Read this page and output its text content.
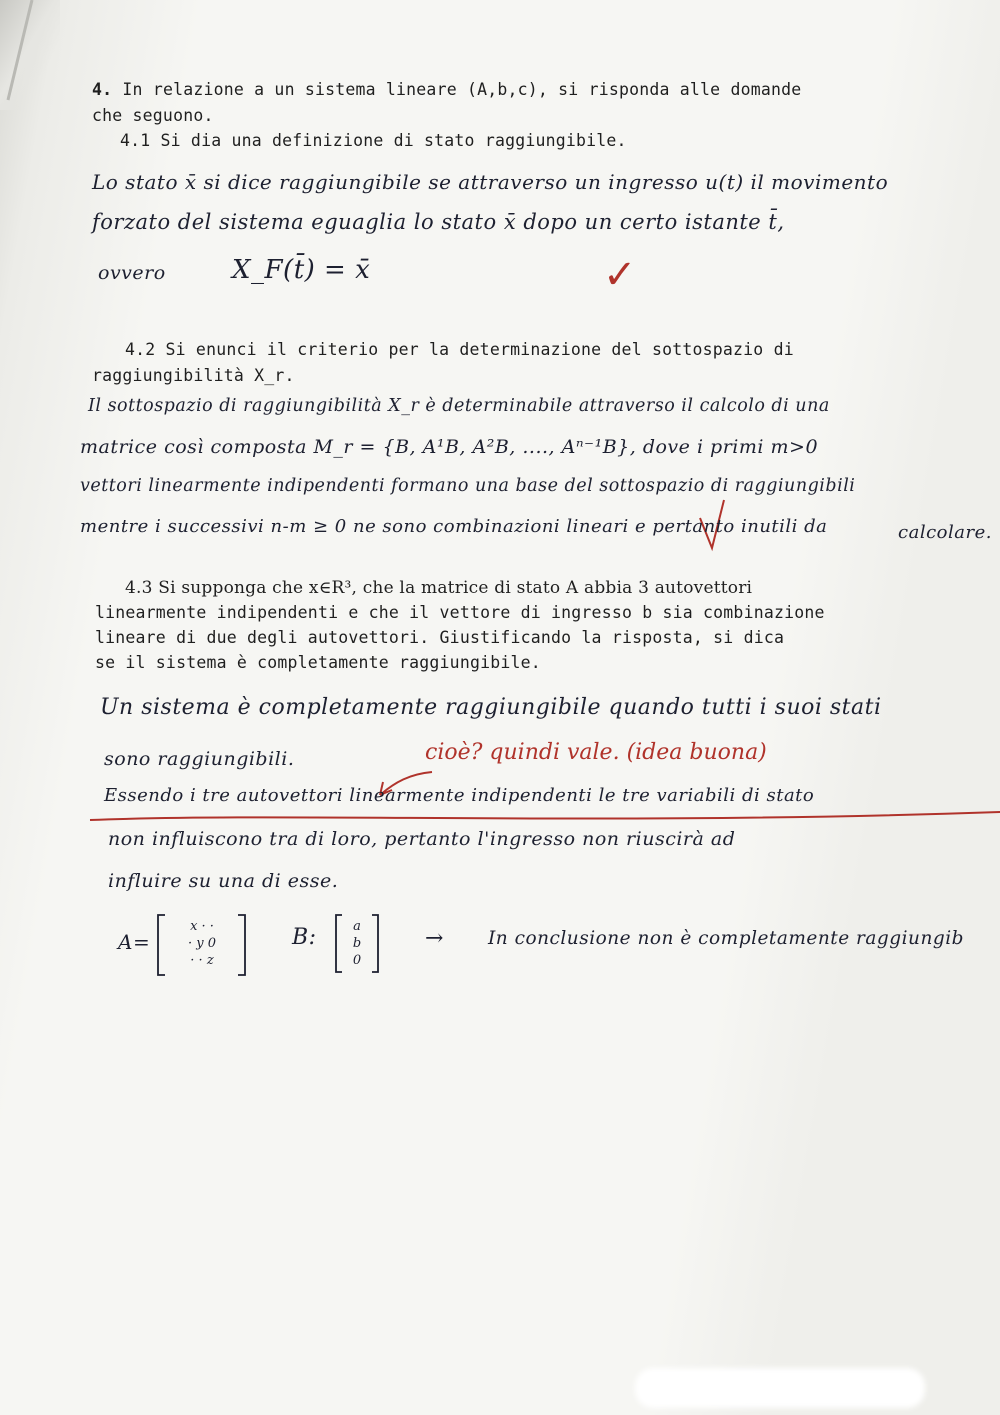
4. In relazione a un sistema lineare (A,b,c), si risponda alle domande
che seguono.
4.1 Si dia una definizione di stato raggiungibile.
Lo stato x̄ si dice raggiungibile se attraverso un ingresso u(t) il movimento
forzato del sistema eguaglia lo stato x̄ dopo un certo istante t̄,
ovvero	X_F(t̄) = x̄	✓
4.2 Si enunci il criterio per la determinazione del sottospazio di
raggiungibilità X_r.
Il sottospazio di raggiungibilità X_r è determinabile attraverso il calcolo di una
matrice così composta M_r = {B, A¹B, A²B, ...., Aⁿ⁻¹B}, dove i primi m>0
vettori linearmente indipendenti formano una base del sottospazio di raggiungibili
mentre i successivi n-m ≥ 0 ne sono combinazioni lineari e pertanto inutili da	calcolare.
4.3 Si supponga che x∈R³, che la matrice di stato A abbia 3 autovettori
linearmente indipendenti e che il vettore di ingresso b sia combinazione
lineare di due degli autovettori. Giustificando la risposta, si dica
se il sistema è completamente raggiungibile.
Un sistema è completamente raggiungibile quando tutti i suoi stati
sono raggiungibili.	cioè? quindi vale. (idea buona)
Essendo i tre autovettori linearmente indipendenti le tre variabili di stato
non influiscono tra di loro, pertanto l'ingresso non riuscirà ad
influire su una di esse.
A=
x · ·
· y 0
· · z
B:	a
b
0
→ In conclusione non è completamente raggiungib
